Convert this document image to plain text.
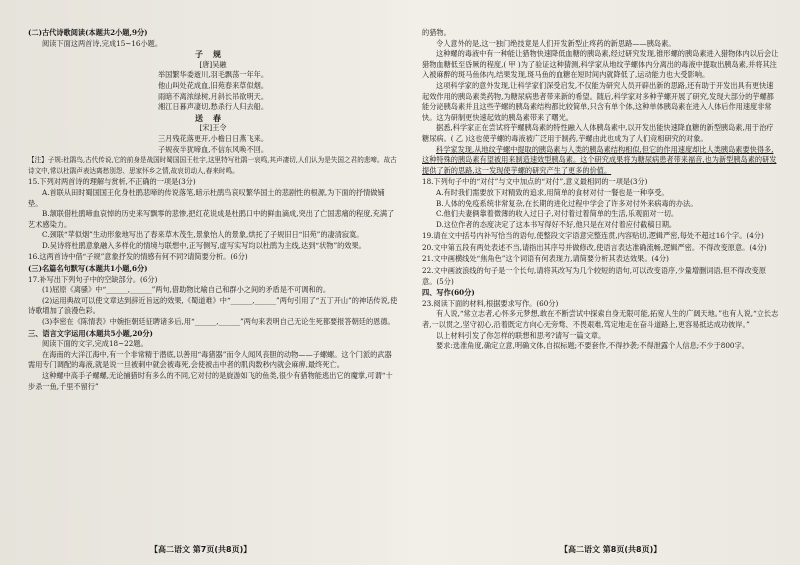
(二)古代诗歌阅读(本题共2小题,9分)

阅读下面这两首诗,完成15~16小题。

子规

[唐]吴融

举国繁华委逝川,羽毛飘荡一年年。

他山叫处花成血,旧苑春来草似烟。

雨暗不离浓绿树,月斜长吊欲明天。

湘江日暮声凄切,愁杀行人归去船。

送春

[宋]王令

三月残花落更开,小檐日日燕飞来。

子规夜半犹啼血,不信东风唤不回。

【注】子规:杜鹃鸟,古代传说,它的前身是战国时蜀国国王杜宇,这里特写杜鹃一哀鸣,其声凄切,人们认为是失国之君的悲啼。故古诗文中,常以杜鹃声表达离愁别怨、思家怀乡之情,故哀切动人,春来时鸣。

15.下列对两首诗的理解与赏析,不正确的一项是(3分)

A.首联从田时蜀国国王化身杜鹃悲啼的传说落笔,暗示杜鹃鸟哀叹繁华国土的悲剧性的根源,为下面的抒情做铺垫。

B.颔联借杜鹃啼血哀悼的历史来写飘零的悲惨,把红花说成是杜鹃口中的鲜血滴成,突出了亡国悲痛的程度,充满了艺术感染力。

C.颈联“苹似烟”生动形象地写出了春来草木茂生,景象怡人的景象,烘托了子规旧日“旧苑”的凄清寂寞。

D.吴诗将杜鹃意象融入多样化的情境与联想中,正写侧写,虚写实写均以杜鹃为主线,达到“状物”的效果。

16.这两首诗中借“子规”意象抒发的情感有何不同?请简要分析。(6分)

(三)名篇名句默写(本题共1小题,6分)

17.补写出下列句子中的空缺部分。(6分)

(1)屈原《离骚》中“______,______”两句,借助物比喻自己和群小之间的矛盾是不可调和的。

(2)运用典故可以使文章达到辞近旨远的效果,《蜀道难》中“______,______”两句引用了“五丁开山”的神话传说,使诗歌增加了浪漫色彩。

(3)李密在《陈情表》中婉拒朝廷征聘诸多后,用“______,______”两句来表明自己无论生死都要报答朝廷的恩德。

三、语言文字运用(本题共5小题,20分)

阅读下面的文字,完成18~22题。

在海南的大洋江海中,有一个非常精于潜底,以善用“毒猪器”而令人闻风丧胆的动物——子螺螺。这个门派的武器需用专门调配的毒液,就是说一旦被刺中就会被毒死,会使被击中者的肌肉数秒内就会麻痹,最终死亡。

这种螺中高手子螺螺,无论捕猎时有多么的不同,它对付的是旋游如飞的鱼类,很少有猎物能逃出它的魔掌,可谓“十步杀一鱼,千里不留行”

的猎物。

令人意外的是,这一独门绝技竟是人们开发新型止疼药的新思路——胰岛素。

这种螺的毒液中有一种能让猎物快速降低血糖的胰岛素,经过研究发现,锥形螺的胰岛素进入猎物体内以后会让猎物血糖低至昏厥的程度,( 甲 )为了验证这种猜测,科学家从地纹芋螺体内分离出的毒液中提取出胰岛素,并将其注入被麻醉的斑马鱼体内,结果发现,斑马鱼的血糖在短时间内就降低了,运动能力也大受影响。

这项科学家的意外发现,让科学家们深受启发,不仅能为研究人员开辟出新的思路,还有助于开发出具有更快速起效作用的胰岛素类药物,为糖尿病患者带来新的希望。随后,科学家对多种芋螺开展了研究,发现大部分的芋螺都能分泌胰岛素并且这些芋螺的胰岛素结构都比较简单,只含有单个体,这种单体胰岛素在进入人体后作用速度非常快。这为研制更快速起效的胰岛素带来了曙光。

据悉,科学家正在尝试将芋螺胰岛素的特性融入人体胰岛素中,以开发出能快速降血糖的新型胰岛素,用于治疗糖尿病。( 乙 )这也使芋螺的毒液被广泛用于制药,芋螺由此也成为了人们竞相研究的对象。

科学家发现,从地纹芋螺中提取的胰岛素与人类的胰岛素结构相似,但它的作用速度却比人类胰岛素要快得多,这种特殊的胰岛素有望被用来制造速效型胰岛素。这个研究成果将为糖尿病患者带来福音,也为新型胰岛素的研发提供了新的思路,这一发现使芋螺的研究产生了更多的价值。

18.下列句子中的“对付”与文中加点的“对付”,意义最相同的一项是(3分)

A.有时我们需要放下对精致的追求,用简单的食材对付一餐也是一种享受。

B.人体的免疫系统非常复杂,在长期的进化过程中学会了许多对付外来病毒的办法。

C.他们夫妻俩靠着微薄的收入过日子,对付着过着简单的生活,乐观面对一切。

D.这位作者的态度决定了这本书写得好不好,他只是在对付着应付截稿日期。

19.请在文中括号内补写恰当的语句,使整段文字语意完整连贯,内容贴切,逻辑严密,每处不超过16个字。(4分)

20.文中第五段有两处表述不当,请指出其序号并做修改,使语言表达准确流畅,逻辑严密。不得改变原意。(4分)

21.文中画横线处“焦角色”这个词语有何表现力,请简要分析其表达效果。(4分)

22.文中画波浪线的句子是一个长句,请将其改写为几个较短的语句,可以改变语序,少量增删词语,但不得改变原意。(5分)

四、写作(60分)

23.阅读下面的材料,根据要求写作。(60分)

有人说,“常立志者,心怀多元梦想,敢在不断尝试中探索自身无限可能,拓宽人生的广阔天地。”也有人说,“立长志者,一以贯之,坚守初心,沿着既定方向心无旁骛、不畏艰难,笃定地走在奋斗道路上,更容易抵达成功彼岸。”

以上材料引发了你怎样的联想和思考?请写一篇文章。

要求:选准角度,确定立意,明确文体,自拟标题;不要套作,不得抄袭;不得泄露个人信息;不少于800字。

【高二语文 第7页(共8页)】	【高二语文 第8页(共8页)】
